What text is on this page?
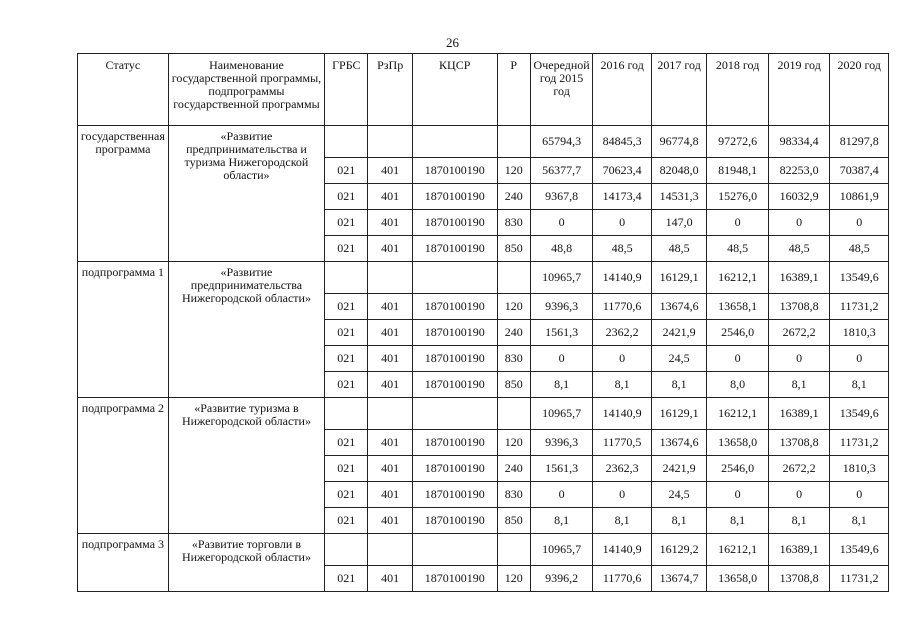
26
Статус	Наименование государственной программы, подпрограммы государственной программы	ГРБС	РзПр	КЦСР	Р	Очередной год 2015 год	2016 год	2017 год	2018 год	2019 год	2020 год
государственная программа	«Развитие предпринимательства и туризма Нижегородской области»					65794,3	84845,3	96774,8	97272,6	98334,4	81297,8
		021	401	1870100190	120	56377,7	70623,4	82048,0	81948,1	82253,0	70387,4
		021	401	1870100190	240	9367,8	14173,4	14531,3	15276,0	16032,9	10861,9
		021	401	1870100190	830	0	0	147,0	0	0	0
		021	401	1870100190	850	48,8	48,5	48,5	48,5	48,5	48,5
подпрограмма 1	«Развитие предпринимательства Нижегородской области»					10965,7	14140,9	16129,1	16212,1	16389,1	13549,6
		021	401	1870100190	120	9396,3	11770,6	13674,6	13658,1	13708,8	11731,2
		021	401	1870100190	240	1561,3	2362,2	2421,9	2546,0	2672,2	1810,3
		021	401	1870100190	830	0	0	24,5	0	0	0
		021	401	1870100190	850	8,1	8,1	8,1	8,0	8,1	8,1
подпрограмма 2	«Развитие туризма в Нижегородской области»					10965,7	14140,9	16129,1	16212,1	16389,1	13549,6
		021	401	1870100190	120	9396,3	11770,5	13674,6	13658,0	13708,8	11731,2
		021	401	1870100190	240	1561,3	2362,3	2421,9	2546,0	2672,2	1810,3
		021	401	1870100190	830	0	0	24,5	0	0	0
		021	401	1870100190	850	8,1	8,1	8,1	8,1	8,1	8,1
подпрограмма 3	«Развитие торговли в Нижегородской области»					10965,7	14140,9	16129,2	16212,1	16389,1	13549,6
		021	401	1870100190	120	9396,2	11770,6	13674,7	13658,0	13708,8	11731,2
